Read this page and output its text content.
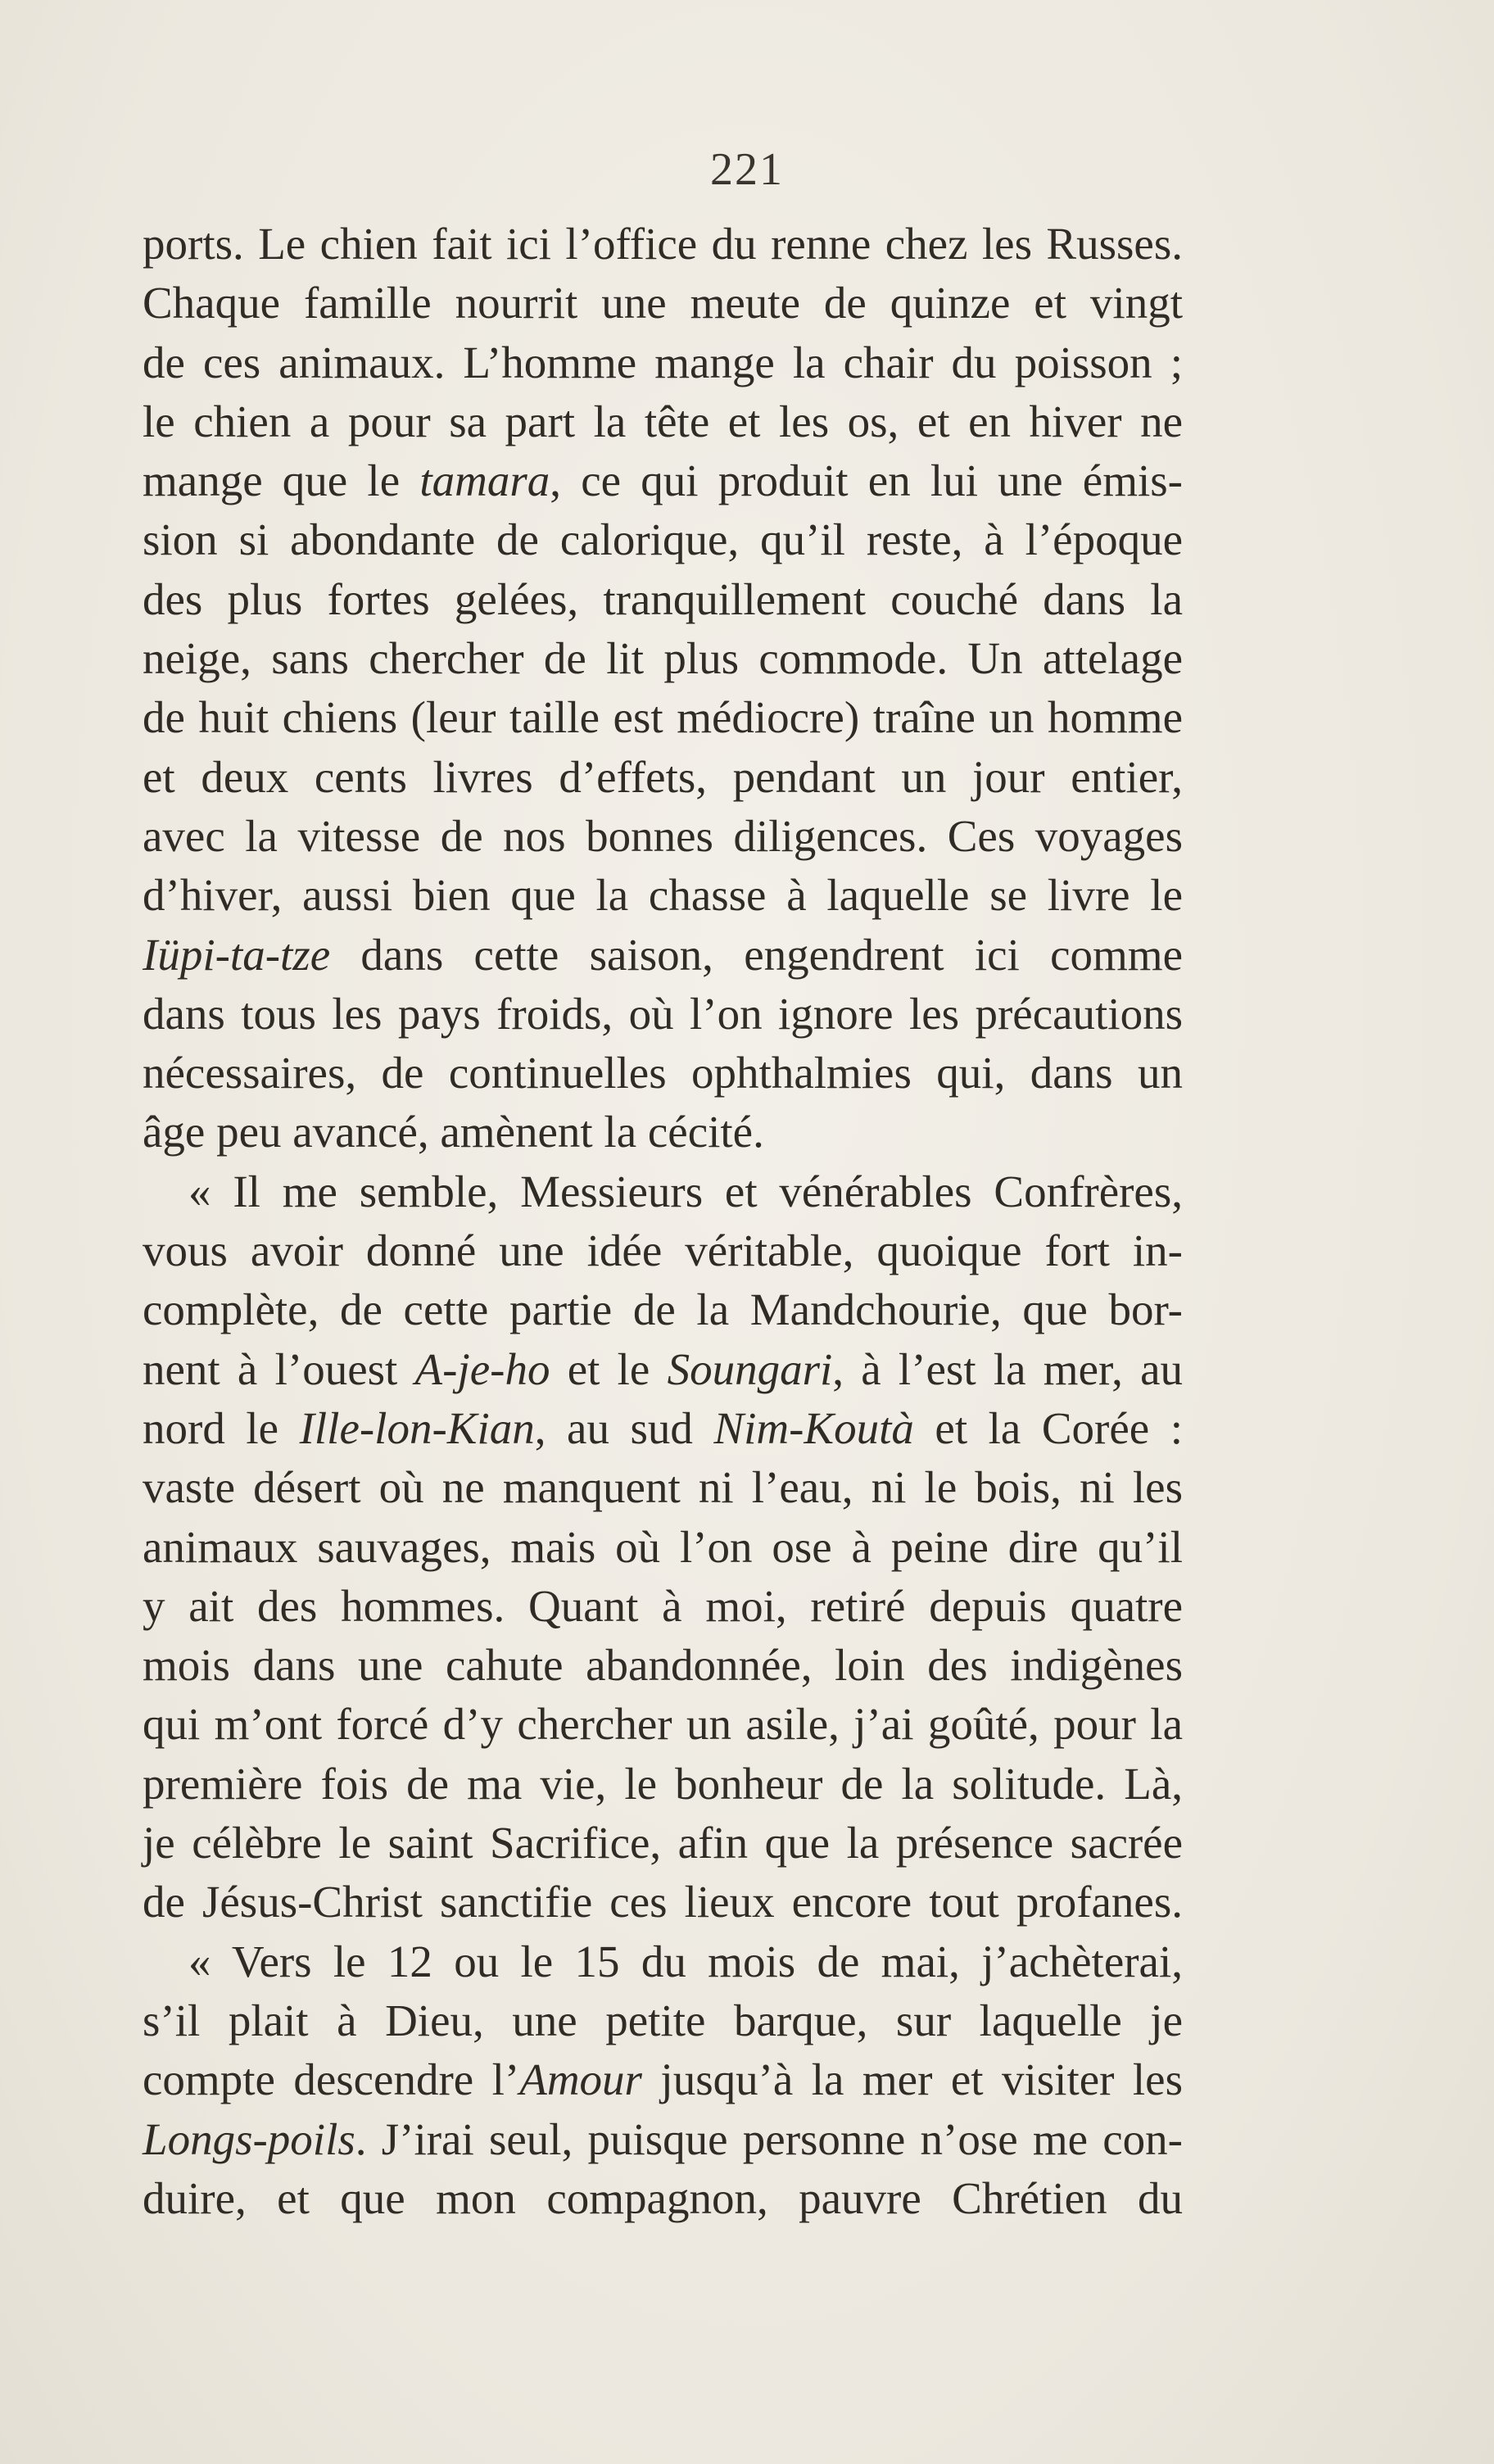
221
ports. Le chien fait ici l’office du renne chez les Russes.
Chaque famille nourrit une meute de quinze et vingt
de ces animaux. L’homme mange la chair du poisson ;
le chien a pour sa part la tête et les os, et en hiver ne
mange que le tamara, ce qui produit en lui une émis-
sion si abondante de calorique, qu’il reste, à l’époque
des plus fortes gelées, tranquillement couché dans la
neige, sans chercher de lit plus commode. Un attelage
de huit chiens (leur taille est médiocre) traîne un homme
et deux cents livres d’effets, pendant un jour entier,
avec la vitesse de nos bonnes diligences. Ces voyages
d’hiver, aussi bien que la chasse à laquelle se livre le
Iüpi-ta-tze dans cette saison, engendrent ici comme
dans tous les pays froids, où l’on ignore les précautions
nécessaires, de continuelles ophthalmies qui, dans un
âge peu avancé, amènent la cécité.
« Il me semble, Messieurs et vénérables Confrères,
vous avoir donné une idée véritable, quoique fort in-
complète, de cette partie de la Mandchourie, que bor-
nent à l’ouest A-je-ho et le Soungari, à l’est la mer, au
nord le Ille-lon-Kian, au sud Nim-Koutà et la Corée :
vaste désert où ne manquent ni l’eau, ni le bois, ni les
animaux sauvages, mais où l’on ose à peine dire qu’il
y ait des hommes. Quant à moi, retiré depuis quatre
mois dans une cahute abandonnée, loin des indigènes
qui m’ont forcé d’y chercher un asile, j’ai goûté, pour la
première fois de ma vie, le bonheur de la solitude. Là,
je célèbre le saint Sacrifice, afin que la présence sacrée
de Jésus-Christ sanctifie ces lieux encore tout profanes.
« Vers le 12 ou le 15 du mois de mai, j’achèterai,
s’il plait à Dieu, une petite barque, sur laquelle je
compte descendre l’Amour jusqu’à la mer et visiter les
Longs-poils. J’irai seul, puisque personne n’ose me con-
duire, et que mon compagnon, pauvre Chrétien du
